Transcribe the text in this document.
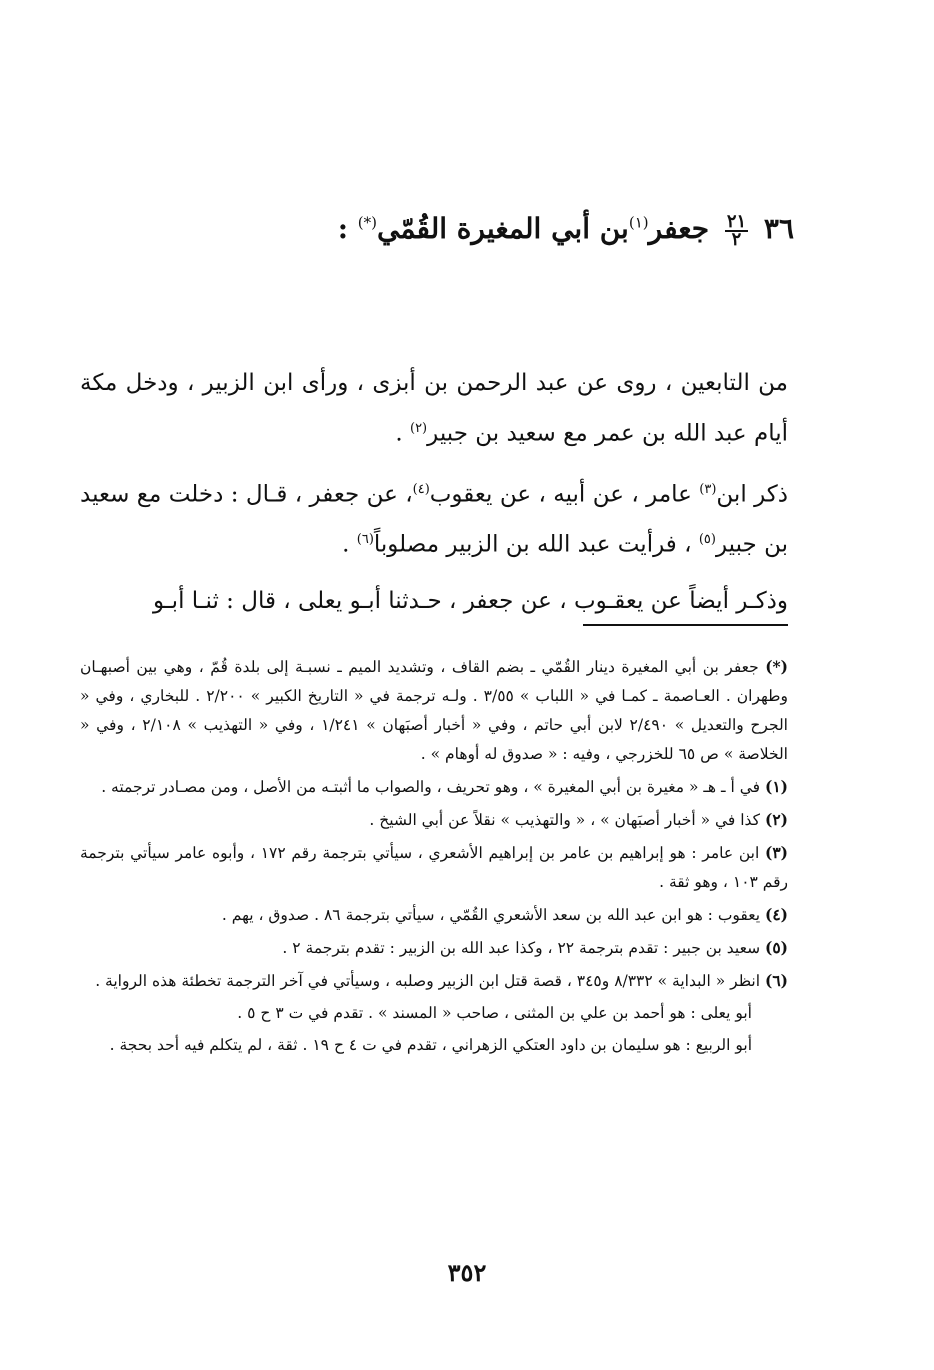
٣٦
$\frac{٢١}{٢}$
جعفر$^{(١)}$بن أبي المغيرة القُمّي(*) :

من التابعين ، روى عن عبد الرحمن بن أبزى ، ورأى ابن الزبير ، ودخل مكة أيام عبد الله بن عمر مع سعيد بن جبير$^{(٢)}$ .

ذكر ابن$^{(٣)}$ عامر ، عن أبيه ، عن يعقوب$^{(٤)}$، عن جعفر ، قـال : دخلت مع سعيد بن جبير$^{(٥)}$ ، فرأيت عبد الله بن الزبير مصلوباً$^{(٦)}$ .

وذكـر أيضاً عن يعقـوب ، عن جعفر ، حـدثنا أبـو يعلى ، قال : ثنـا أبـو

(*) جعفر بن أبي المغيرة دينار القُمّي ـ بضم القاف ، وتشديد الميم ـ نسبـة إلى بلدة قُمّ ، وهي بين أصبهـان وطهران . العـاصمة ـ كمـا في « اللباب » ٣/٥٥ . ولـه ترجمة في « التاريخ الكبير » ٢/٢٠٠ . للبخاري ، وفي « الجرح والتعديل » ٢/٤٩٠ لابن أبي حاتم ، وفي « أخبار أصبَهان » ١/٢٤١ ، وفي « التهذيب » ٢/١٠٨ ، وفي « الخلاصة » ص ٦٥ للخزرجي ، وفيه : « صدوق له أوهام » .
(١) في أ ـ هـ « مغيرة بن أبي المغيرة » ، وهو تحريف ، والصواب ما أثبتـه من الأصل ، ومن مصـادر ترجمته .
(٢) كذا في « أخبار أصبَهان » ، « والتهذيب » نقلاً عن أبي الشيخ .
(٣) ابن عامر : هو إبراهيم بن عامر بن إبراهيم الأشعري ، سيأتي بترجمة رقم ١٧٢ ، وأبوه عامر سيأتي بترجمة رقم ١٠٣ ، وهو ثقة .
(٤) يعقوب : هو ابن عبد الله بن سعد الأشعري القُمّي ، سيأتي بترجمة ٨٦ . صدوق ، يهم .
(٥) سعيد بن جبير : تقدم بترجمة ٢٢ ، وكذا عبد الله بن الزبير : تقدم بترجمة ٢ .
(٦) انظر « البداية » ٨/٣٣٢ و٣٤٥ ، قصة قتل ابن الزبير وصلبه ، وسيأتي في آخر الترجمة تخطئة هذه الرواية .
أبو يعلى : هو أحمد بن علي بن المثنى ، صاحب « المسند » . تقدم في ت ٣ ح ٥ .
أبو الربيع : هو سليمان بن داود العتكي الزهراني ، تقدم في ت ٤ ح ١٩ . ثقة ، لم يتكلم فيه أحد بحجة .
٣٥٢
